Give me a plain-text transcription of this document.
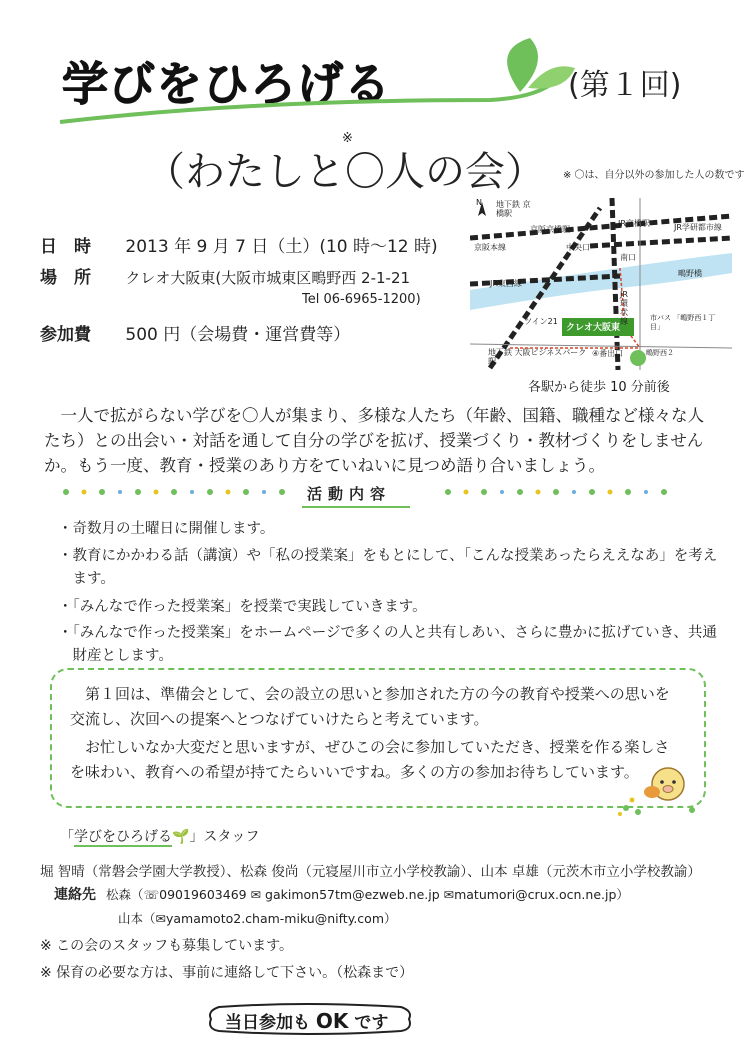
学びをひろげる	(第１回)
（わたしと〇人の会）
※
※ 〇は、自分以外の参加した人の数です
日　時 2013 年 9 月 7 日（土）(10 時～12 時)
場　所 クレオ大阪東(大阪市城東区鴫野西 2-1-21
Tel 06-6965-1200)
参加費 500 円（会場費・運営費等）
N 地下鉄 京橋駅
京阪京橋駅
JR京橋駅
京阪本線	中央口
南口
JR学研都市線
JR東西線
鴫野橋
JR環状線
ツイン21
クレオ大阪東
市バス 「鴫野西１丁目」
④番出口	鴫野西２
地下鉄 大阪ビジネスパーク駅
各駅から徒歩 10 分前後
一人で拡がらない学びを〇人が集まり、多様な人たち（年齢、国籍、職種など様々な人たち）との出会い・対話を通して自分の学びを拡げ、授業づくり・教材づくりをしませんか。もう一度、教育・授業のあり方をていねいに見つめ語り合いましょう。
活動内容
・奇数月の土曜日に開催します。
・教育にかかわる話（講演）や「私の授業案」をもとにして、「こんな授業あったらええなあ」を考えます。
・「みんなで作った授業案」を授業で実践していきます。
・「みんなで作った授業案」をホームページで多くの人と共有しあい、さらに豊かに拡げていき、共通財産とします。
第１回は、準備会として、会の設立の思いと参加された方の今の教育や授業への思いを交流し、次回への提案へとつなげていけたらと考えています。
お忙しいなか大変だと思いますが、ぜひこの会に参加していただき、授業を作る楽しさを味わい、教育への希望が持てたらいいですね。多くの方の参加お待ちしています。
「学びをひろげる🌱」スタッフ
堀 智晴（常磐会学園大学教授）、松森 俊尚（元寝屋川市立小学校教諭）、山本 卓雄（元茨木市立小学校教諭）
連絡先 松森（☏09019603469 ✉ gakimon57tm@ezweb.ne.jp ✉matumori@crux.ocn.ne.jp）
山本（✉yamamoto2.cham-miku@nifty.com）
※ この会のスタッフも募集しています。
※ 保育の必要な方は、事前に連絡して下さい。（松森まで）
当日参加も OK です
